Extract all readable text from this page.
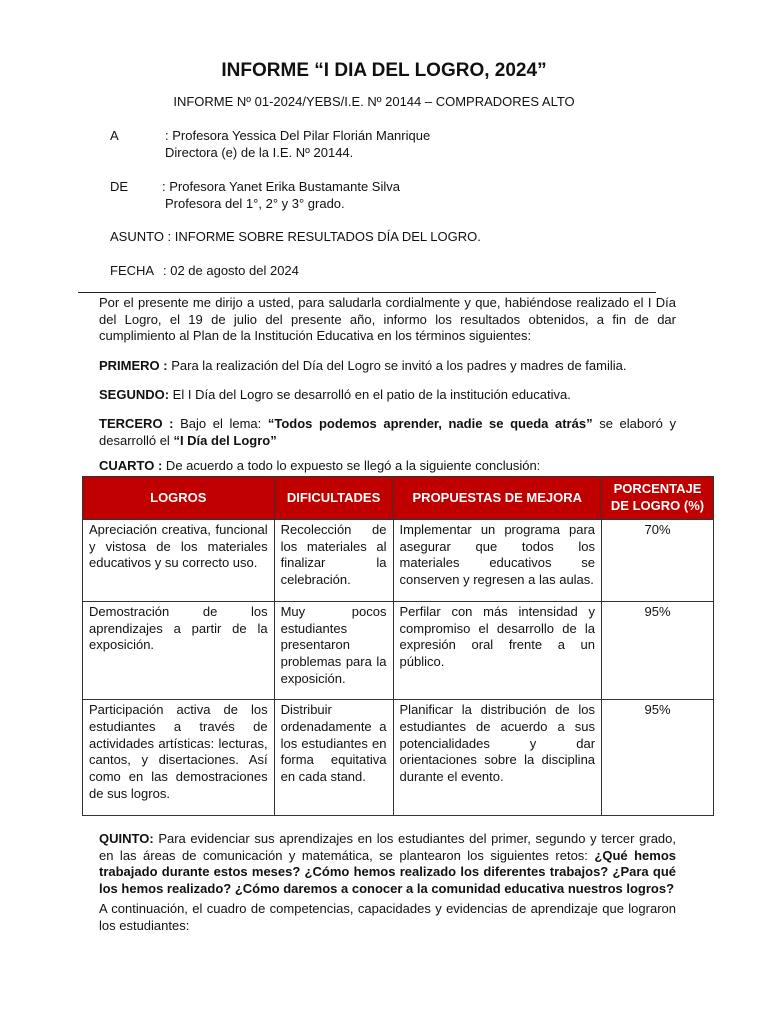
INFORME “I DIA DEL LOGRO, 2024”
INFORME Nº 01-2024/YEBS/I.E. Nº 20144 – COMPRADORES ALTO
A	: Profesora Yessica Del Pilar Florián Manrique
Directora (e) de la I.E. Nº 20144.
DE	: Profesora Yanet Erika Bustamante Silva
Profesora del 1°, 2° y 3° grado.
ASUNTO : INFORME SOBRE RESULTADOS DÍA DEL LOGRO.
FECHA : 02 de agosto del 2024
Por el presente me dirijo a usted, para saludarla cordialmente y que, habiéndose realizado el I Día del Logro, el 19 de julio del presente año, informo los resultados obtenidos, a fin de dar cumplimiento al Plan de la Institución Educativa en los términos siguientes:
PRIMERO : Para la realización del Día del Logro se invitó a los padres y madres de familia.
SEGUNDO: El I Día del Logro se desarrolló en el patio de la institución educativa.
TERCERO : Bajo el lema: “Todos podemos aprender, nadie se queda atrás” se elaboró y desarrolló el “I Día del Logro”
CUARTO : De acuerdo a todo lo expuesto se llegó a la siguiente conclusión:
LOGROS	DIFICULTADES	PROPUESTAS DE MEJORA	PORCENTAJE DE LOGRO (%)
Apreciación creativa, funcional y vistosa de los materiales educativos y su correcto uso.	Recolección de los materiales al finalizar la celebración.	Implementar un programa para asegurar que todos los materiales educativos se conserven y regresen a las aulas.	70%
Demostración de los aprendizajes a partir de la exposición.	Muy pocos estudiantes presentaron problemas para la exposición.	Perfilar con más intensidad y compromiso el desarrollo de la expresión oral frente a un público.	95%
Participación activa de los estudiantes a través de actividades artísticas: lecturas, cantos, y disertaciones. Así como en las demostraciones de sus logros.	Distribuir ordenadamente a los estudiantes en forma equitativa en cada stand.	Planificar la distribución de los estudiantes de acuerdo a sus potencialidades y dar orientaciones sobre la disciplina durante el evento.	95%
QUINTO: Para evidenciar sus aprendizajes en los estudiantes del primer, segundo y tercer grado, en las áreas de comunicación y matemática, se plantearon los siguientes retos: ¿Qué hemos trabajado durante estos meses? ¿Cómo hemos realizado los diferentes trabajos? ¿Para qué los hemos realizado? ¿Cómo daremos a conocer a la comunidad educativa nuestros logros?
A continuación, el cuadro de competencias, capacidades y evidencias de aprendizaje que lograron los estudiantes:
